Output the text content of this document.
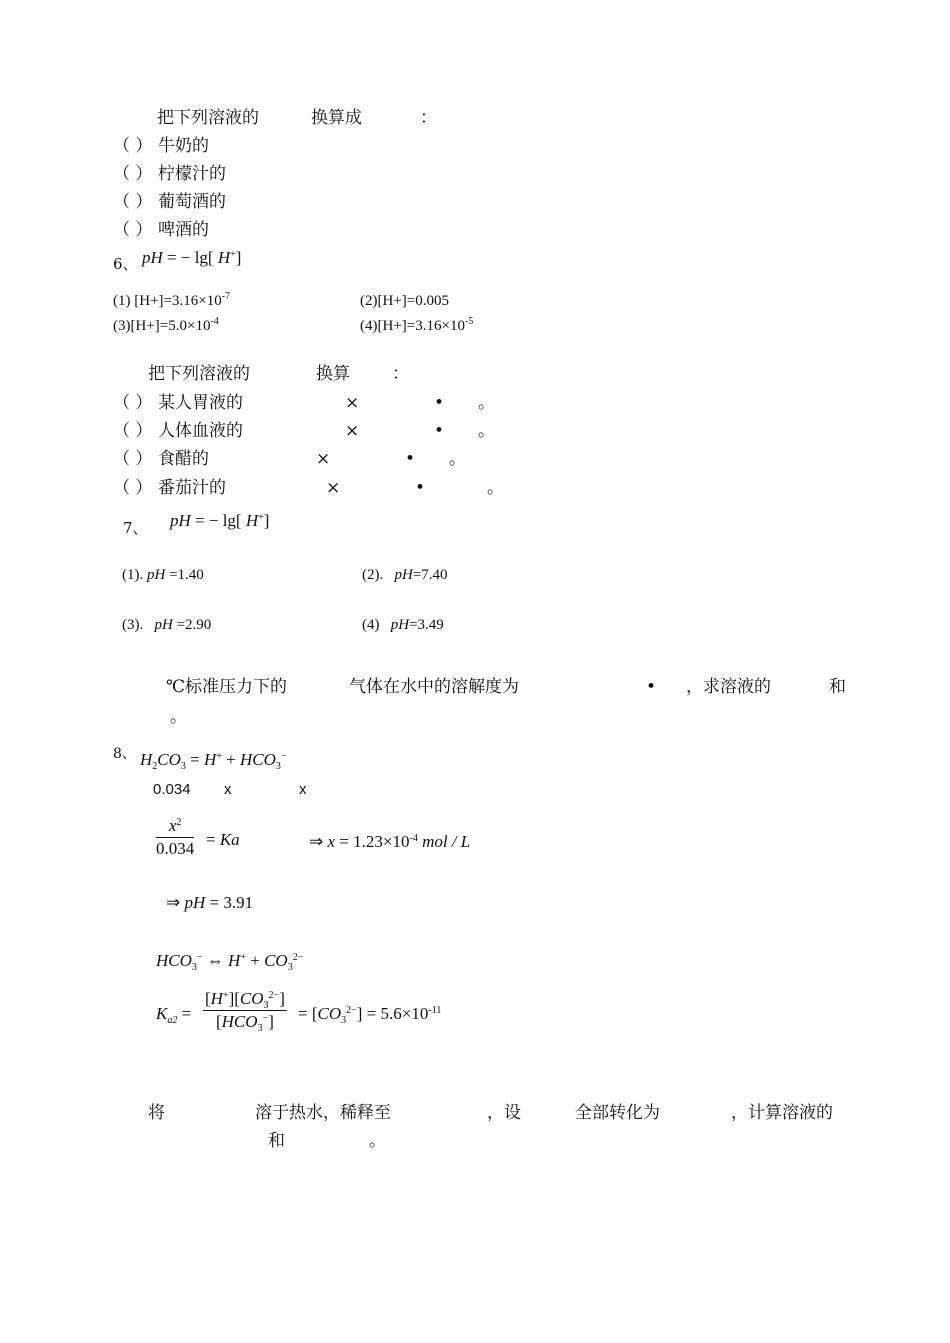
把下列溶液的	换算成	：
（ ） 牛奶的
（ ） 柠檬汁的
（ ） 葡萄酒的
（ ） 啤酒的
6、 pH = − lg[ H+]
(1) $[H+]=3.16\times 10^{-7}$	(2)[H+]=0.005
$(3)[H+]=5.0\times 10^{-4}$	$(4)[H+]=3.16\times 10^{-5}$
把下列溶液的	换算 ：
（ ） 某人胃液的	×	• 。
（ ） 人体血液的	×	• 。
（ ） 食醋的	×	• 。
（ ） 番茄汁的	×	•	。
7、 pH = − lg[ H+]
(1). pH =1.40	(2). pH=7.40
(3). pH =2.90	(4) pH=3.49
℃标准压力下的	气体在水中的溶解度为	• ，求溶液的	和
。
8、 $H_2CO_3 = H^+ + HCO_3^-$
0.034 x	x
$\frac{x^2}{0.034} = Ka$	⇒ $x = 1.23\times 10^{-4}$ mol / L
⇒ pH = 3.91
$HCO_3^-$ ⇔ $H^+ + CO_3^{2-}$
$K_{a2}$ =
$[H^+][CO_3^{2-}]$
$[HCO_3^-]$	= $[CO_3^{2-}] = 5.6\times 10^{-11}$
将	溶于热水，稀释至	，设	全部转化为	，计算溶液的
和	。
